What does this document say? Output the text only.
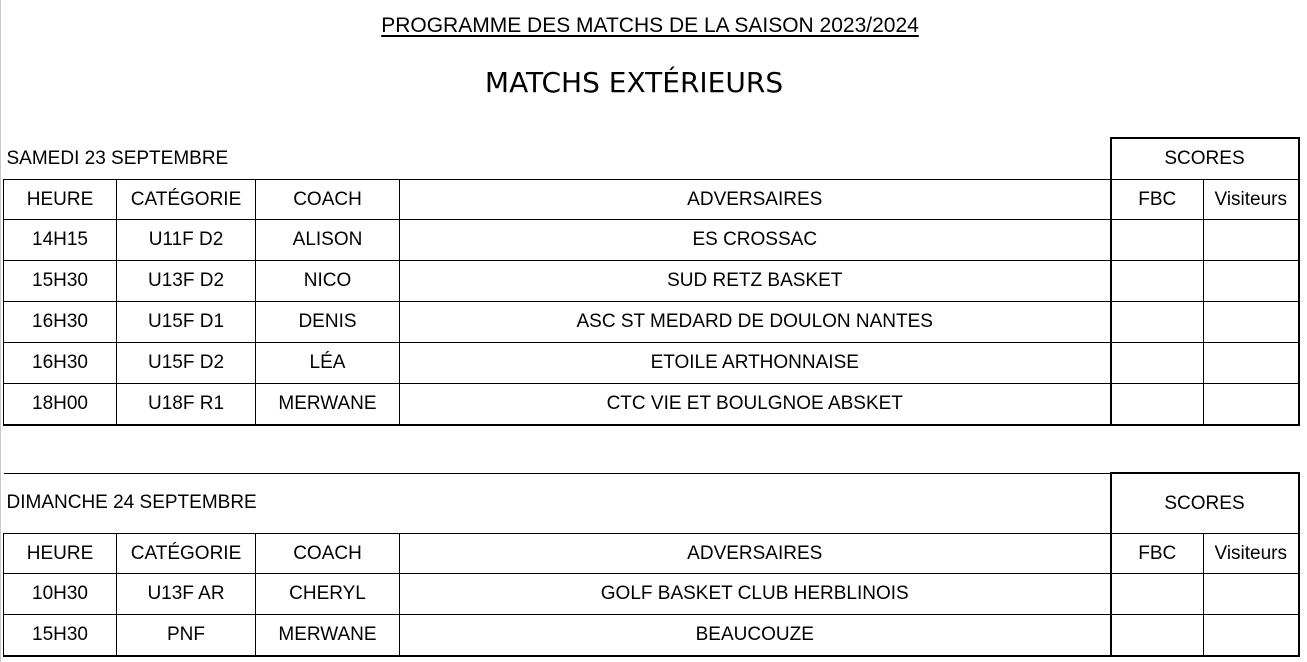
PROGRAMME DES MATCHS DE LA SAISON 2023/2024
MATCHS EXTÉRIEURS
SAMEDI 23 SEPTEMBRE				SCORES	
HEURE	CATÉGORIE	COACH	ADVERSAIRES	FBC	Visiteurs
14H15	U11F D2	ALISON	ES CROSSAC		
15H30	U13F D2	NICO	SUD RETZ BASKET		
16H30	U15F D1	DENIS	ASC ST MEDARD DE DOULON NANTES		
16H30	U15F D2	LÉA	ETOILE ARTHONNAISE		
18H00	U18F R1	MERWANE	CTC VIE ET BOULGNOE ABSKET		
DIMANCHE 24 SEPTEMBRE				SCORES	
HEURE	CATÉGORIE	COACH	ADVERSAIRES	FBC	Visiteurs
10H30	U13F AR	CHERYL	GOLF BASKET CLUB HERBLINOIS		
15H30	PNF	MERWANE	BEAUCOUZE		
